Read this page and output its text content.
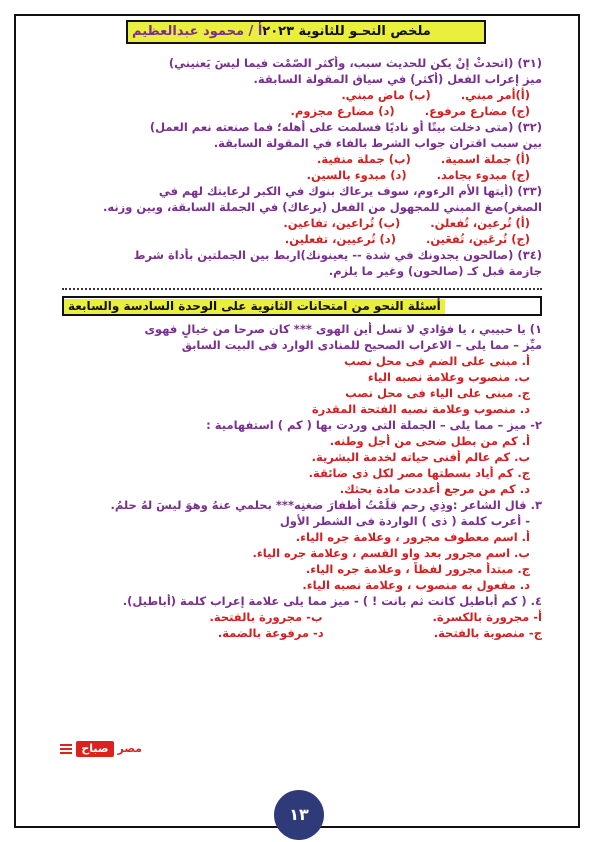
ملخص النحـو للثانوية ٢٠٢٣
أ / محمود عبدالعظيم
(٣١) (اتحدثْ إنْ يكن للحديث سبب، وأكثر الصّمْت فيما ليسَ يَعنيني)
ميز إعراب الفعل (أكثر) في سياق المقولة السابقة.
(أ)أمر مبني.
(ب) ماض مبني.
(ج) مضارع مرفوع.
(د) مضارع مجزوم.
(٣٢) (متى دخلت بيتًا أو ناديًا فسلمت على أهله؛ فما صنعته نعم العمل)
بين سبب اقتران جواب الشرط بالفاء في المقولة السابقة.
(أ) جملة اسمية.
(ب) جملة منفية.
(ج) مبدوء بجامد.
(د) مبدوء بالسين.
(٣٣) (أيتها الأم الرءوم، سوف يرعاك بنوك في الكبر لرعايتك لهم في
الصغر)صغ المبني للمجهول من الفعل (يرعاك) في الجملة السابقة، وبين وزنه.
(أ) تُرعين، تُفعلن.
(ب) تُراعين، تفاعين.
(ج) تُرعَين، تُفعَين.
(د) تُرعيين، تفعلين.
(٣٤) (صالحون يجدونك في شدة -- يعينونك)اربط بين الجملتين بأداة شرط
جازمة قبل كـ (صالحون) وغير ما يلزم.
أسئلة النحو من امتحانات الثانوية على الوحدة السادسة والسابعة
١) يا حبيبي ، يا فؤادي لا تسل أين الهوى *** كان صرحا من خيالٍ فهوى
ميِّز – مما يلى – الاعراب الصحيح للمنادى الوارد فى البيت السابق
أ. مبنى على الضم فى محل نصب
ب. منصوب وعلامة نصبه الياء
ج. مبنى على الياء فى محل نصب
د. منصوب وعلامة نصبه الفتحة المقدرة
٢- ميز – مما يلى – الجملة التى وردت بها ( كم ) استفهامية :
أ. كم من بطل ضحى من أجل وطنه.
ب. كم عالم أفنى حياته لخدمة البشرية.
ج. كم أياد بسطتها مصر لكل ذى ضائقة.
د. كم من مرجع أعددت مادة بحثك.
٣. قال الشاعر :وذِي رحم قلَمْتُ أظفارَ ضغنِه*** بحلمي عنهُ وهوَ ليسَ لهُ حلمُ.
- أعرب كلمة ( ذى ) الواردة فى الشطر الأول
أ. اسم معطوف مجرور ، وعلامة جره الياء.
ب. اسم مجرور بعد واو القسم ، وعلامة جره الياء.
ج. مبتدأ مجرور لفظاً ، وعلامة جره الياء.
د. مفعول به منصوب ، وعلامة نصبه الياء.
٤. ( كم أباطيل كانت ثم بانت ! ) - ميز مما يلى علامة إعراب كلمة (أباطيل).
أ- مجرورة بالكسرة.
ب- مجرورة بالفتحة.
ج- منصوبة بالفتحة.
د- مرفوعة بالضمة.
مصر
صباح
١٣
